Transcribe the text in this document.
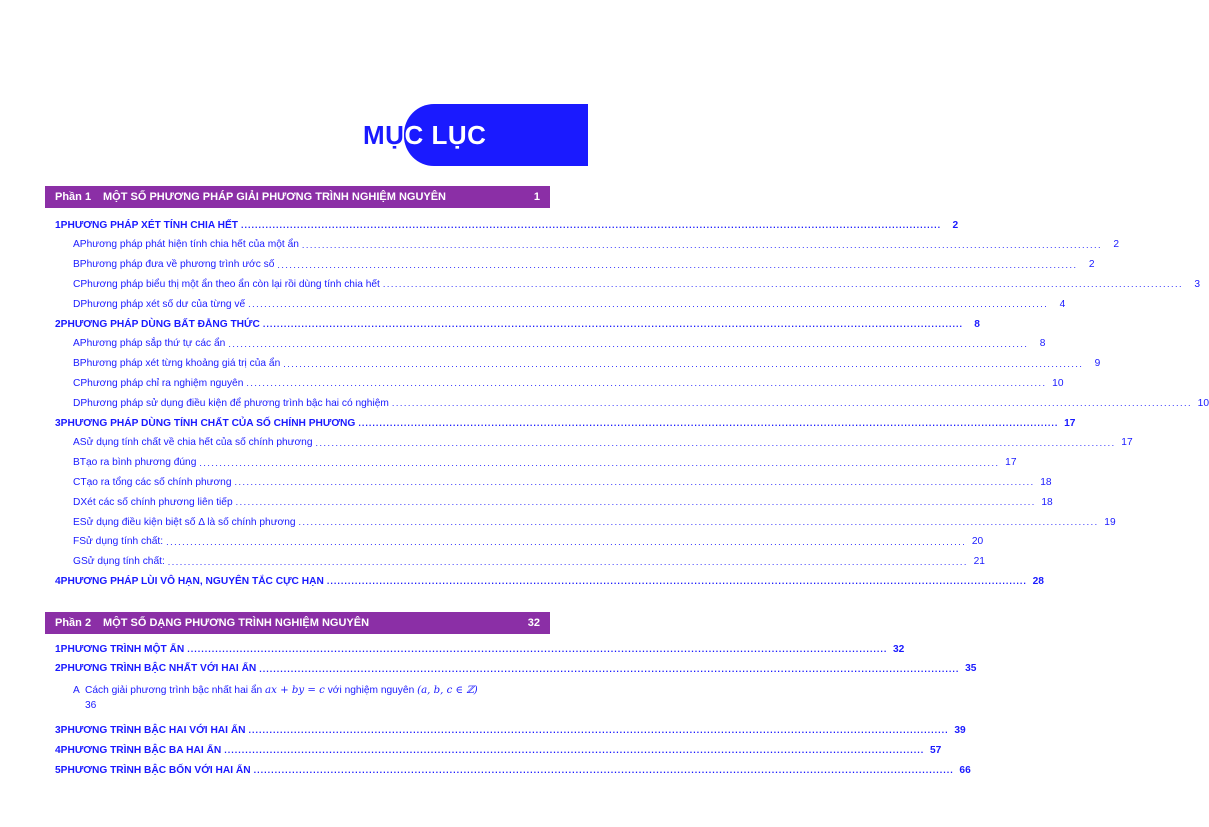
MỤC LỤC
Phần 1	MỘT SỐ PHƯƠNG PHÁP GIẢI PHƯƠNG TRÌNH NGHIỆM NGUYÊN	1
1 PHƯƠNG PHÁP XÉT TÍNH CHIA HẾT ........................................................................................................................................................................................................	2
A Phương pháp phát hiện tính chia hết của một ẩn ........................................................................................................................................................................................................	2
B Phương pháp đưa về phương trình ước số ........................................................................................................................................................................................................	2
C Phương pháp biểu thị một ẩn theo ẩn còn lại rồi dùng tính chia hết ........................................................................................................................................................................................................	3
D Phương pháp xét số dư của từng vế ........................................................................................................................................................................................................	4
2 PHƯƠNG PHÁP DÙNG BẤT ĐẲNG THỨC ........................................................................................................................................................................................................	8
A Phương pháp sắp thứ tự các ẩn ........................................................................................................................................................................................................	8
B Phương pháp xét từng khoảng giá trị của ẩn ........................................................................................................................................................................................................	9
C Phương pháp chỉ ra nghiệm nguyên ........................................................................................................................................................................................................ 10
D Phương pháp sử dụng điều kiện để phương trình bậc hai có nghiệm ........................................................................................................................................................................................................ 10
3 PHƯƠNG PHÁP DÙNG TÍNH CHẤT CỦA SỐ CHÍNH PHƯƠNG ........................................................................................................................................................................................................ 17
A Sử dụng tính chất về chia hết của số chính phương ........................................................................................................................................................................................................ 17
B Tạo ra bình phương đúng ........................................................................................................................................................................................................ 17
C Tạo ra tổng các số chính phương ........................................................................................................................................................................................................ 18
D Xét các số chính phương liên tiếp ........................................................................................................................................................................................................ 18
E Sử dụng điều kiện biệt số Δ là số chính phương ........................................................................................................................................................................................................ 19
F Sử dụng tính chất: ........................................................................................................................................................................................................ 20
G Sử dụng tính chất: ........................................................................................................................................................................................................ 21
4 PHƯƠNG PHÁP LÙI VÔ HẠN, NGUYÊN TẮC CỰC HẠN ........................................................................................................................................................................................................ 28
Phần 2	MỘT SỐ DẠNG PHƯƠNG TRÌNH NGHIỆM NGUYÊN	32
1 PHƯƠNG TRÌNH MỘT ẨN ........................................................................................................................................................................................................ 32
2 PHƯƠNG TRÌNH BẬC NHẤT VỚI HAI ẨN ........................................................................................................................................................................................................ 35
A Cách giải phương trình bậc nhất hai ẩn ax + by = c với nghiệm nguyên (a, b, c ∈ ℤ)
36
3 PHƯƠNG TRÌNH BẬC HAI VỚI HAI ẨN ........................................................................................................................................................................................................ 39
4 PHƯƠNG TRÌNH BẬC BA HAI ẨN ........................................................................................................................................................................................................ 57
5 PHƯƠNG TRÌNH BẬC BỐN VỚI HAI ẨN ........................................................................................................................................................................................................ 66
